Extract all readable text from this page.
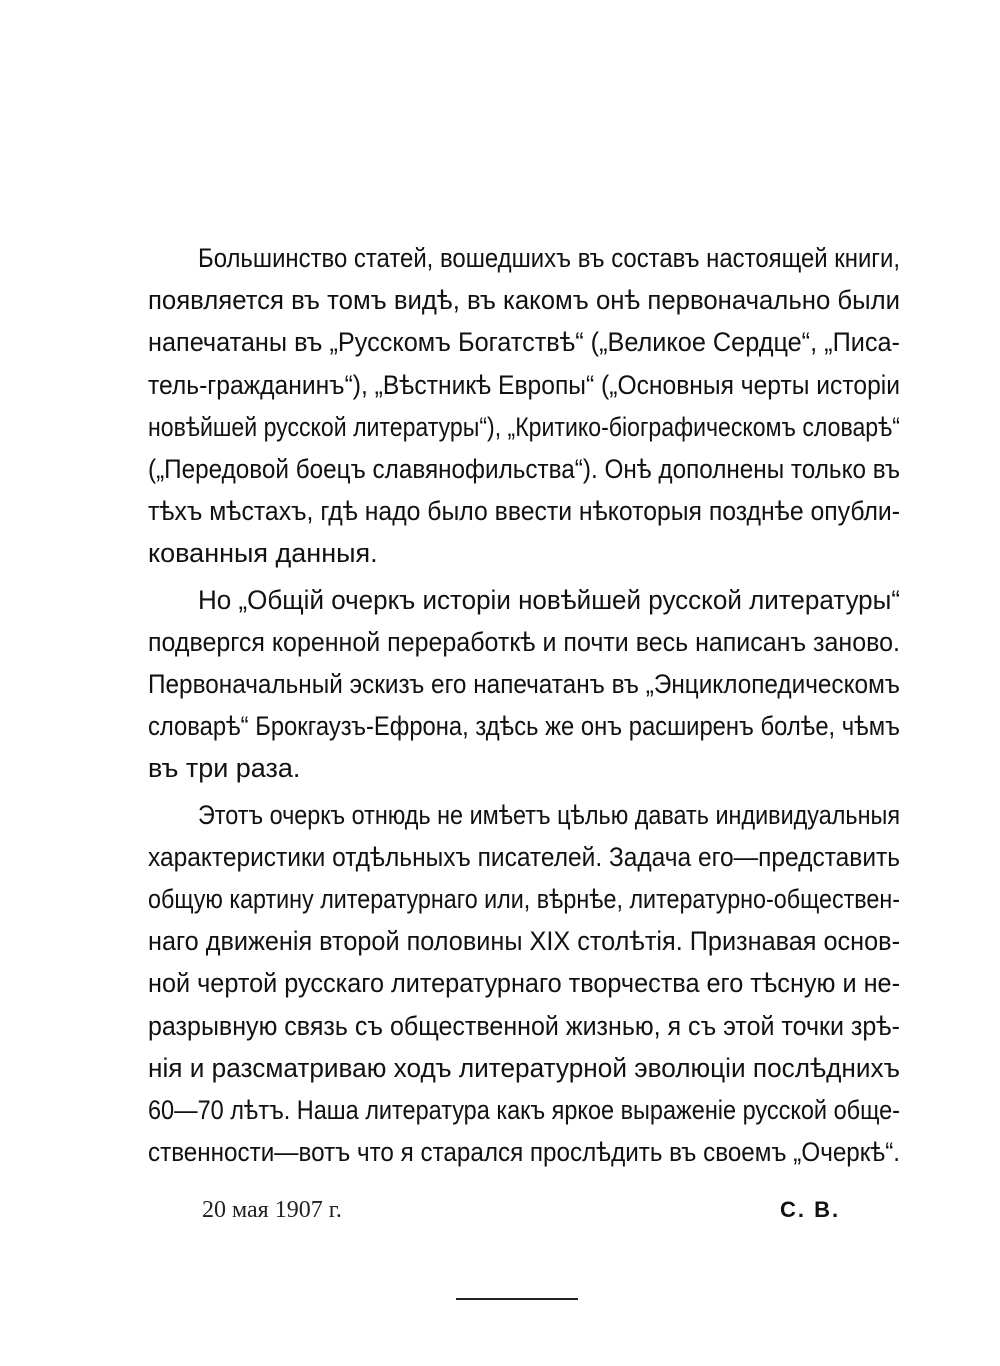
Большинство статей, вошедшихъ въ составъ настоящей книги,
появляется въ томъ видѣ, въ какомъ онѣ первоначально были
напечатаны въ „Русскомъ Богатствѣ“ („Великое Сердце“, „Писа-
тель-гражданинъ“), „Вѣстникѣ Европы“ („Основныя черты исторіи
новѣйшей русской литературы“), „Критико-біографическомъ словарѣ“
(„Передовой боецъ славянофильства“). Онѣ дополнены только въ
тѣхъ мѣстахъ, гдѣ надо было ввести нѣкоторыя позднѣе опубли-
кованныя данныя.
Но „Общій очеркъ исторіи новѣйшей русской литературы“
подвергся коренной переработкѣ и почти весь написанъ заново.
Первоначальный эскизъ его напечатанъ въ „Энциклопедическомъ
словарѣ“ Брокгаузъ-Ефрона, здѣсь же онъ расширенъ болѣе, чѣмъ
въ три раза.
Этотъ очеркъ отнюдь не имѣетъ цѣлью давать индивидуальныя
характеристики отдѣльныхъ писателей. Задача его—представить
общую картину литературнаго или, вѣрнѣе, литературно-обществен-
наго движенія второй половины XIX столѣтія. Признавая основ-
ной чертой русскаго литературнаго творчества его тѣсную и не-
разрывную связь съ общественной жизнью, я съ этой точки зрѣ-
нія и разсматриваю ходъ литературной эволюціи послѣднихъ
60—70 лѣтъ. Наша литература какъ яркое выраженіе русской обще-
ственности—вотъ что я старался прослѣдить въ своемъ „Очеркѣ“.
20 мая 1907 г.	С. В.
